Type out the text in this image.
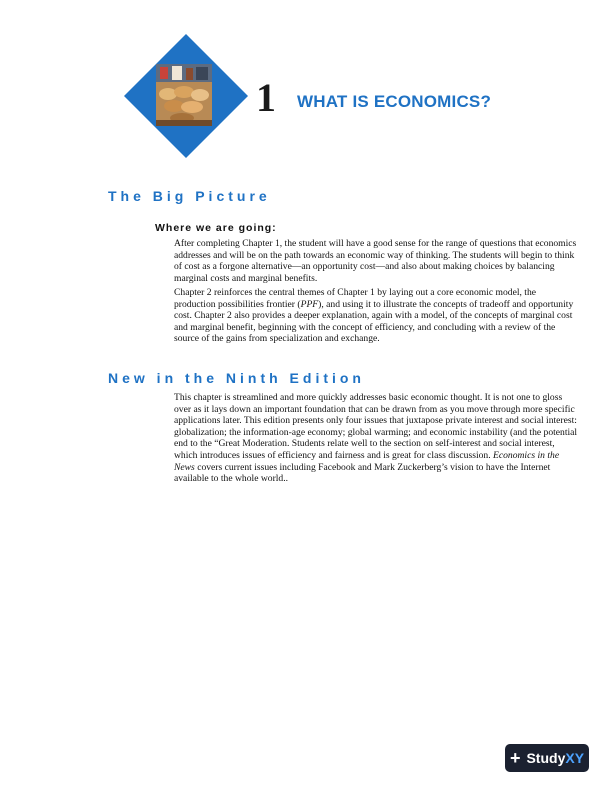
1 WHAT IS ECONOMICS?
The Big Picture
Where we are going:

After completing Chapter 1, the student will have a good sense for the range of questions that economics addresses and will be on the path towards an economic way of thinking. The students will begin to think of cost as a forgone alternative—an opportunity cost—and also about making choices by balancing marginal costs and marginal benefits.

Chapter 2 reinforces the central themes of Chapter 1 by laying out a core economic model, the production possibilities frontier (PPF), and using it to illustrate the concepts of tradeoff and opportunity cost. Chapter 2 also provides a deeper explanation, again with a model, of the concepts of marginal cost and marginal benefit, beginning with the concept of efficiency, and concluding with a review of the source of the gains from specialization and exchange.

New in the Ninth Edition

This chapter is streamlined and more quickly addresses basic economic thought. It is not one to gloss over as it lays down an important foundation that can be drawn from as you move through more specific applications later. This edition presents only four issues that juxtapose private interest and social interest: globalization; the information-age economy; global warming; and economic instability (and the potential end to the “Great Moderation. Students relate well to the section on self-interest and social interest, which introduces issues of efficiency and fairness and is great for class discussion. Economics in the News covers current issues including Facebook and Mark Zuckerberg’s vision to have the Internet available to the whole world..

+ StudyXY
